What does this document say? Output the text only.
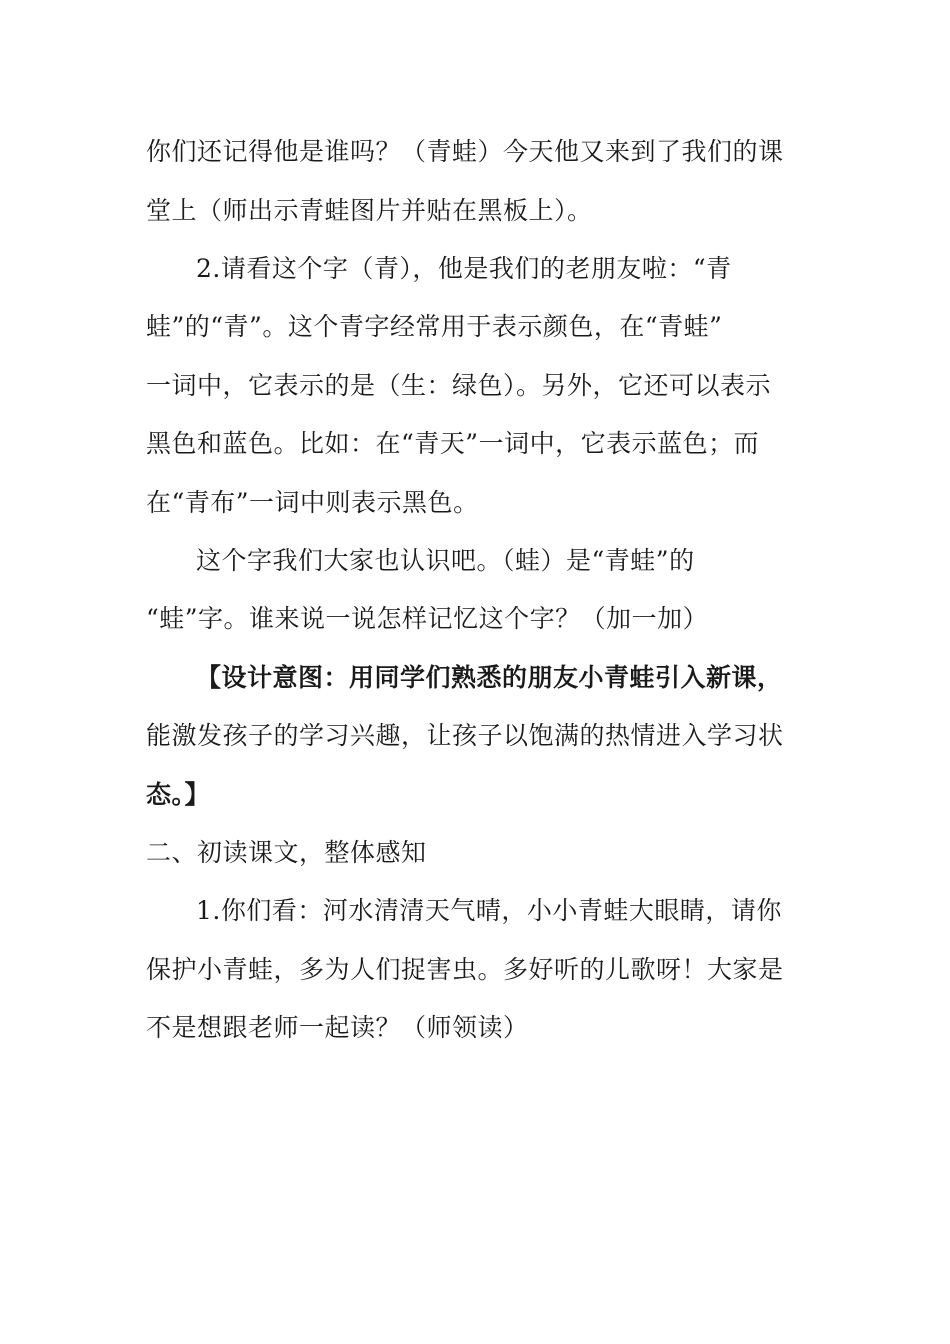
你们还记得他是谁吗？（青蛙）今天他又来到了我们的课
堂上（师出示青蛙图片并贴在黑板上）。
2.请看这个字（青），他是我们的老朋友啦：“青
蛙”的“青”。这个青字经常用于表示颜色，在“青蛙”
一词中，它表示的是（生：绿色）。另外，它还可以表示
黑色和蓝色。比如：在“青天”一词中，它表示蓝色；而
在“青布”一词中则表示黑色。
这个字我们大家也认识吧。（蛙）是“青蛙”的
“蛙”字。谁来说一说怎样记忆这个字？（加一加）
【设计意图：用同学们熟悉的朋友小青蛙引入新课，
能激发孩子的学习兴趣，让孩子以饱满的热情进入学习状
态。】
二、初读课文，整体感知
1.你们看：河水清清天气晴，小小青蛙大眼睛，请你
保护小青蛙，多为人们捉害虫。多好听的儿歌呀！大家是
不是想跟老师一起读？（师领读）
